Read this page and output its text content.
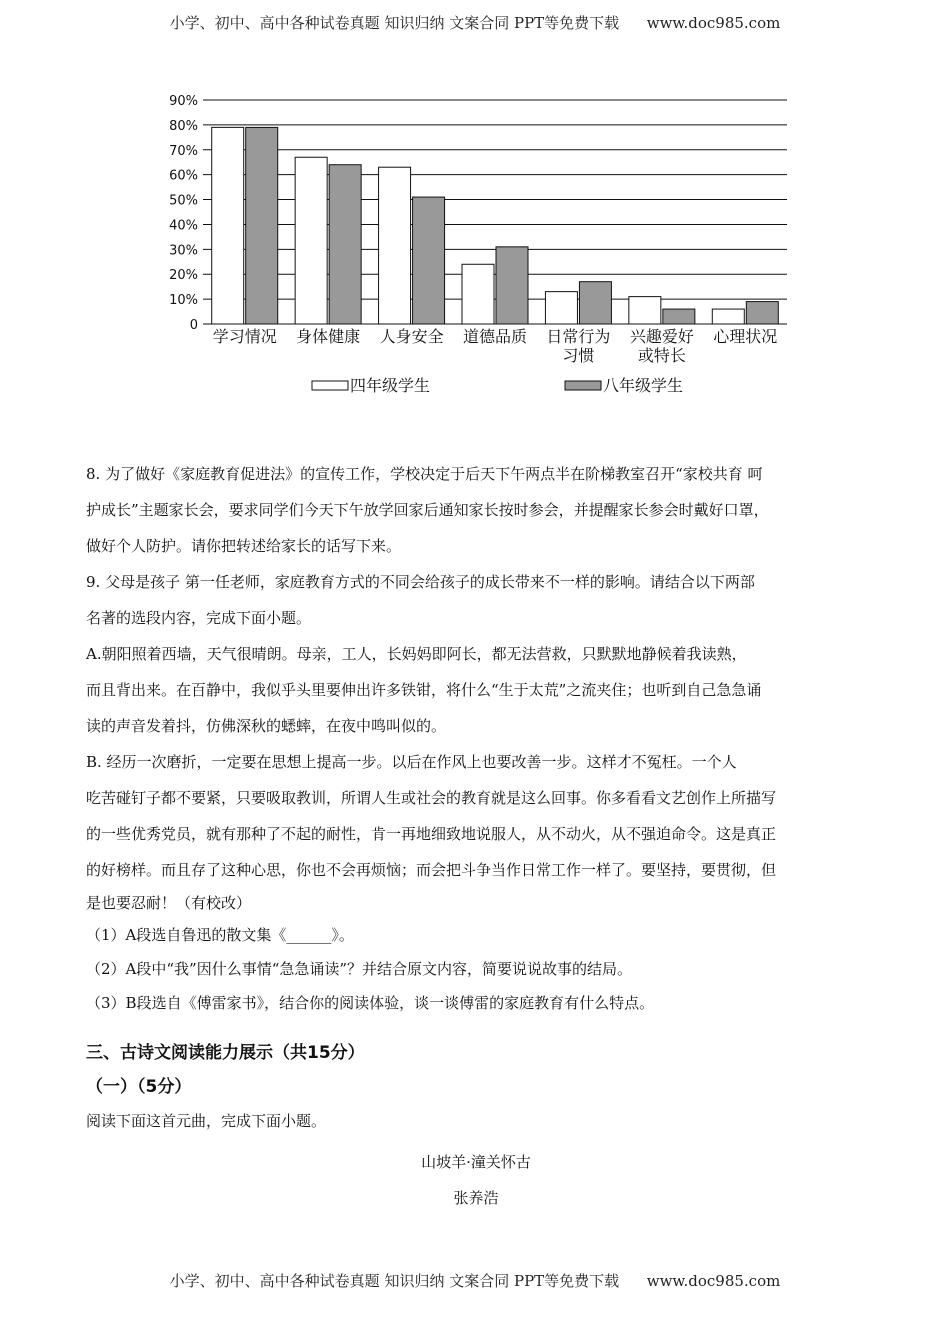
小学、初中、高中各种试卷真题 知识归纳 文案合同 PPT等免费下载 www.doc985.com
0
10%
20%
30%
40%
50%
60%
70%
80%
90%
学习情况 身体健康 人身安全 道德品质 日常行为
习惯
兴趣爱好
或特长
心理状况
四年级学生	八年级学生

8. 为了做好《家庭教育促进法》的宣传工作，学校决定于后天下午两点半在阶梯教室召开“家校共育 呵

护成长”主题家长会，要求同学们今天下午放学回家后通知家长按时参会，并提醒家长参会时戴好口罩，

做好个人防护。请你把转述给家长的话写下来。

9. 父母是孩子 第一任老师，家庭教育方式的不同会给孩子的成长带来不一样的影响。请结合以下两部

名著的选段内容，完成下面小题。

A.朝阳照着西墙，天气很晴朗。母亲，工人，长妈妈即阿长，都无法营救，只默默地静候着我读熟，

而且背出来。在百静中，我似乎头里要伸出许多铁钳，将什么“生于太荒”之流夹住；也听到自己急急诵

读的声音发着抖，仿佛深秋的蟋蟀，在夜中鸣叫似的。

B. 经历一次磨折，一定要在思想上提高一步。以后在作风上也要改善一步。这样才不冤枉。一个人

吃苦碰钉子都不要紧，只要吸取教训，所谓人生或社会的教育就是这么回事。你多看看文艺创作上所描写

的一些优秀党员，就有那种了不起的耐性，肯一再地细致地说服人，从不动火，从不强迫命令。这是真正

的好榜样。而且存了这种心思，你也不会再烦恼；而会把斗争当作日常工作一样了。要坚持，要贯彻，但

是也要忍耐！（有校改）

（1）A段选自鲁迅的散文集《______》。

（2）A段中“我”因什么事情“急急诵读”？并结合原文内容，简要说说故事的结局。

（3）B段选自《傅雷家书》，结合你的阅读体验，谈一谈傅雷的家庭教育有什么特点。

三、古诗文阅读能力展示（共15分）

（一）（5分）

阅读下面这首元曲，完成下面小题。

山坡羊·潼关怀古

张养浩

小学、初中、高中各种试卷真题 知识归纳 文案合同 PPT等免费下载 www.doc985.com
